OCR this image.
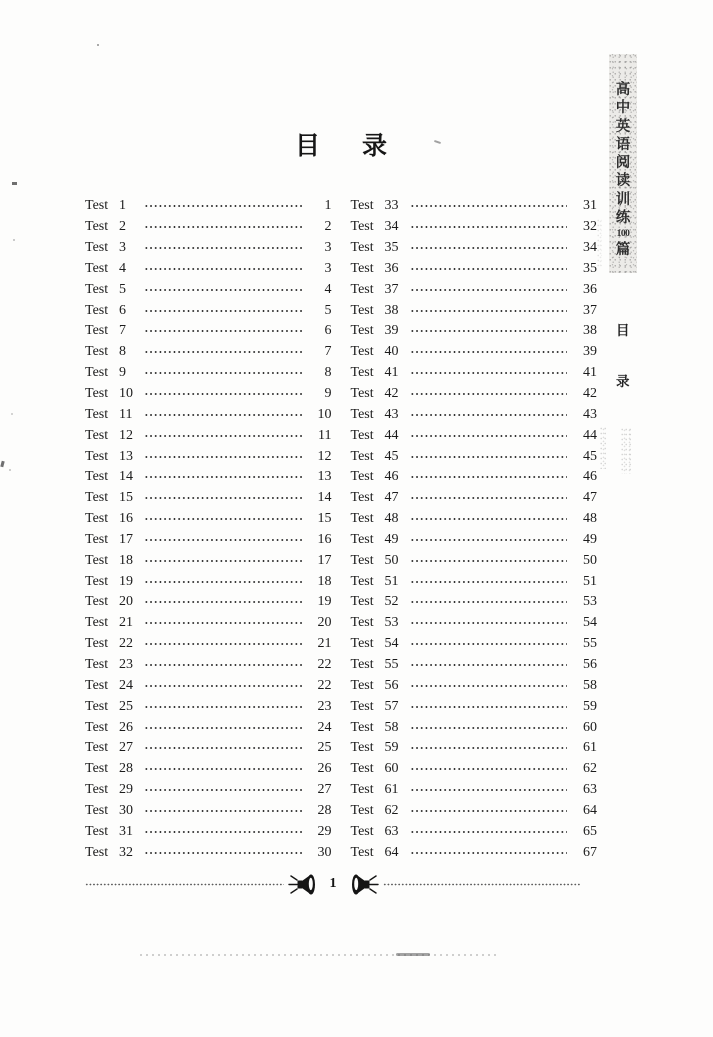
目 录
Test 1	1
Test 2	2
Test 3	3
Test 4	3
Test 5	4
Test 6	5
Test 7	6
Test 8	7
Test 9	8
Test 10	9
Test 11	10
Test 12	11
Test 13	12
Test 14	13
Test 15	14
Test 16	15
Test 17	16
Test 18	17
Test 19	18
Test 20	19
Test 21	20
Test 22	21
Test 23	22
Test 24	22
Test 25	23
Test 26	24
Test 27	25
Test 28	26
Test 29	27
Test 30	28
Test 31	29
Test 32	30
Test 33	31
Test 34	32
Test 35	34
Test 36	35
Test 37	36
Test 38	37
Test 39	38
Test 40	39
Test 41	41
Test 42	42
Test 43	43
Test 44	44
Test 45	45
Test 46	46
Test 47	47
Test 48	48
Test 49	49
Test 50	50
Test 51	51
Test 52	53
Test 53	54
Test 54	55
Test 55	56
Test 56	58
Test 57	59
Test 58	60
Test 59	61
Test 60	62
Test 61	63
Test 62	64
Test 63	65
Test 64	67
1
高
中
英
语
阅
读
训
练
100
篇
目
录
